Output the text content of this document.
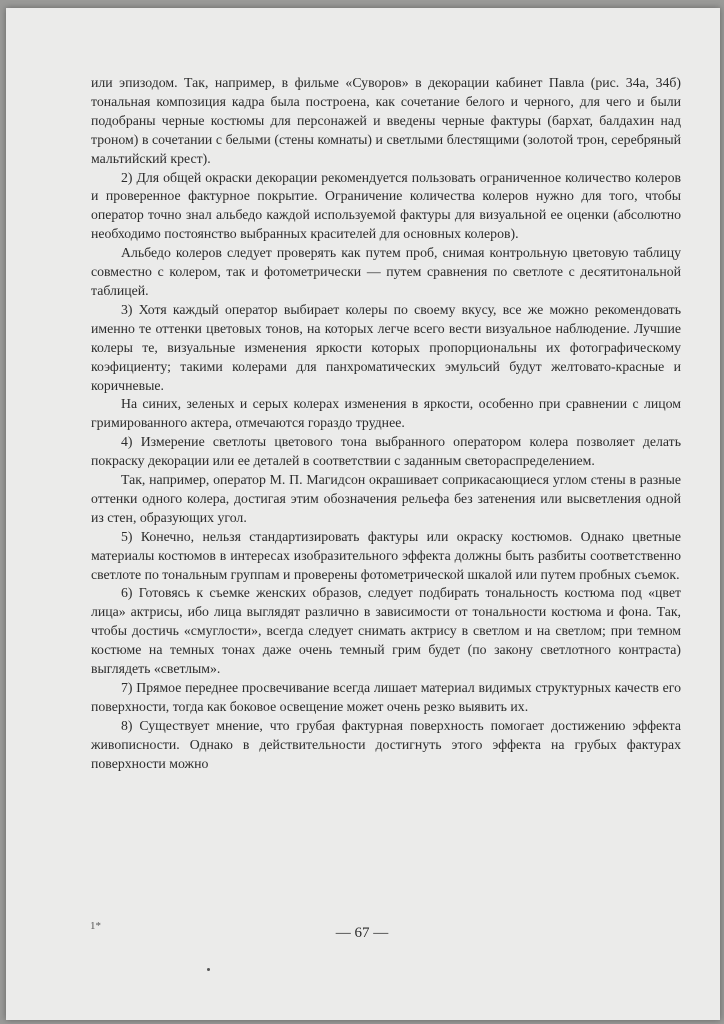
или эпизодом. Так, например, в фильме «Суворов» в декорации кабинет Павла (рис. 34а, 34б) тональная композиция кадра была построена, как сочетание белого и черного, для чего и были подобраны черные костюмы для персонажей и введены черные фактуры (бархат, балдахин над троном) в сочетании с белыми (стены комнаты) и светлыми блестящими (золотой трон, серебряный мальтийский крест).

2) Для общей окраски декорации рекомендуется пользовать ограниченное количество колеров и проверенное фактурное покрытие. Ограничение количества колеров нужно для того, чтобы оператор точно знал альбедо каждой используемой фактуры для визуальной ее оценки (абсолютно необходимо постоянство выбранных красителей для основных колеров).

Альбедо колеров следует проверять как путем проб, снимая контрольную цветовую таблицу совместно с колером, так и фотометрически — путем сравнения по светлоте с десятитональной таблицей.

3) Хотя каждый оператор выбирает колеры по своему вкусу, все же можно рекомендовать именно те оттенки цветовых тонов, на которых легче всего вести визуальное наблюдение. Лучшие колеры те, визуальные изменения яркости которых пропорциональны их фотографическому коэфициенту; такими колерами для панхроматических эмульсий будут желтовато-красные и коричневые.

На синих, зеленых и серых колерах изменения в яркости, особенно при сравнении с лицом гримированного актера, отмечаются гораздо труднее.

4) Измерение светлоты цветового тона выбранного оператором колера позволяет делать покраску декорации или ее деталей в соответствии с заданным светораспределением.

Так, например, оператор М. П. Магидсон окрашивает соприкасающиеся углом стены в разные оттенки одного колера, достигая этим обозначения рельефа без затенения или высветления одной из стен, образующих угол.

5) Конечно, нельзя стандартизировать фактуры или окраску костюмов. Однако цветные материалы костюмов в интересах изобразительного эффекта должны быть разбиты соответственно светлоте по тональным группам и проверены фотометрической шкалой или путем пробных съемок.

6) Готовясь к съемке женских образов, следует подбирать тональность костюма под «цвет лица» актрисы, ибо лица выглядят различно в зависимости от тональности костюма и фона. Так, чтобы достичь «смуглости», всегда следует снимать актрису в светлом и на светлом; при темном костюме на темных тонах даже очень темный грим будет (по закону светлотного контраста) выглядеть «светлым».

7) Прямое переднее просвечивание всегда лишает материал видимых структурных качеств его поверхности, тогда как боковое освещение может очень резко выявить их.

8) Существует мнение, что грубая фактурная поверхность помогает достижению эффекта живописности. Однако в действительности достигнуть этого эффекта на грубых фактурах поверхности можно

1*	— 67 —
